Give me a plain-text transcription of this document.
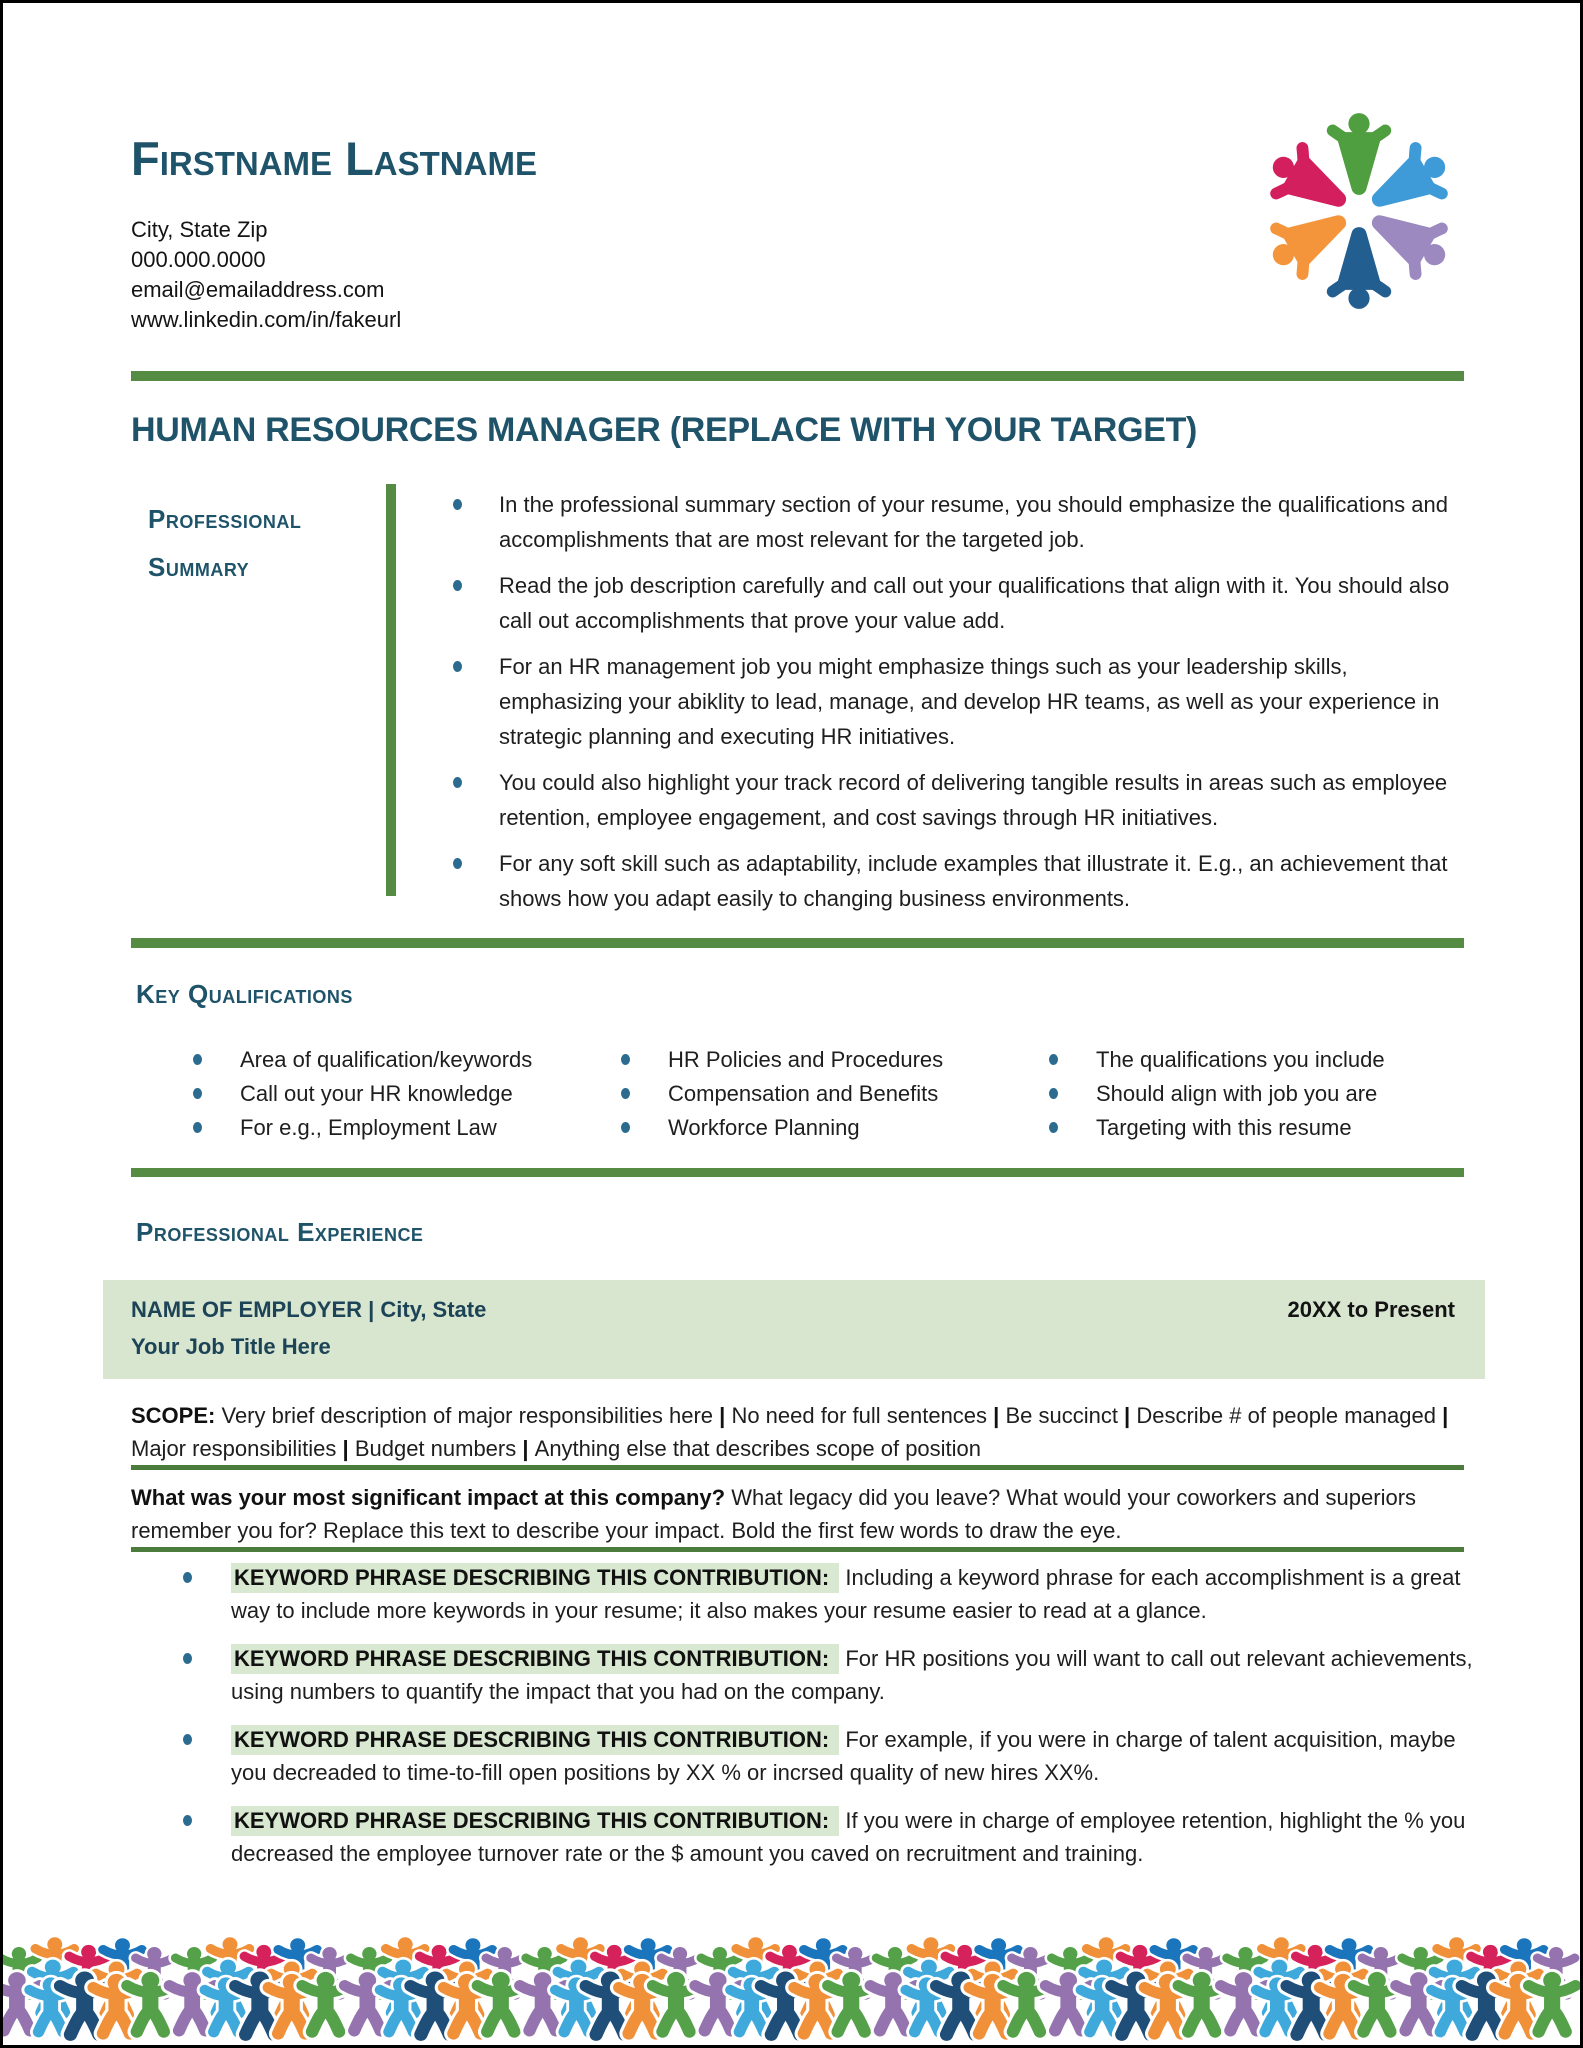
Firstname Lastname
City, State Zip
000.000.0000
email@emailaddress.com
www.linkedin.com/in/fakeurl
HUMAN RESOURCES MANAGER (REPLACE WITH YOUR TARGET)
Professional
Summary
In the professional summary section of your resume, you should emphasize the qualifications and accomplishments that are most relevant for the targeted job.
Read the job description carefully and call out your qualifications that align with it. You should also call out accomplishments that prove your value add.
For an HR management job you might emphasize things such as your leadership skills, emphasizing your abiklity to lead, manage, and develop HR teams, as well as your experience in strategic planning and executing HR initiatives.
You could also highlight your track record of delivering tangible results in areas such as employee retention, employee engagement, and cost savings through HR initiatives.
For any soft skill such as adaptability, include examples that illustrate it. E.g., an achievement that shows how you adapt easily to changing business environments.
Key Qualifications
Area of qualification/keywords
Call out your HR knowledge
For e.g., Employment Law
HR Policies and Procedures
Compensation and Benefits
Workforce Planning
The qualifications you include
Should align with job you are
Targeting with this resume
Professional Experience
NAME OF EMPLOYER | City, State	20XX to Present
Your Job Title Here

SCOPE: Very brief description of major responsibilities here | No need for full sentences | Be succinct | Describe # of people managed | Major responsibilities | Budget numbers | Anything else that describes scope of position

What was your most significant impact at this company? What legacy did you leave? What would your coworkers and superiors remember you for? Replace this text to describe your impact. Bold the first few words to draw the eye.

KEYWORD PHRASE DESCRIBING THIS CONTRIBUTION: Including a keyword phrase for each accomplishment is a great way to include more keywords in your resume; it also makes your resume easier to read at a glance.
KEYWORD PHRASE DESCRIBING THIS CONTRIBUTION: For HR positions you will want to call out relevant achievements, using numbers to quantify the impact that you had on the company.
KEYWORD PHRASE DESCRIBING THIS CONTRIBUTION: For example, if you were in charge of talent acquisition, maybe you decreaded to time-to-fill open positions by XX % or incrsed quality of new hires XX%.
KEYWORD PHRASE DESCRIBING THIS CONTRIBUTION: If you were in charge of employee retention, highlight the % you decreased the employee turnover rate or the $ amount you caved on recruitment and training.
